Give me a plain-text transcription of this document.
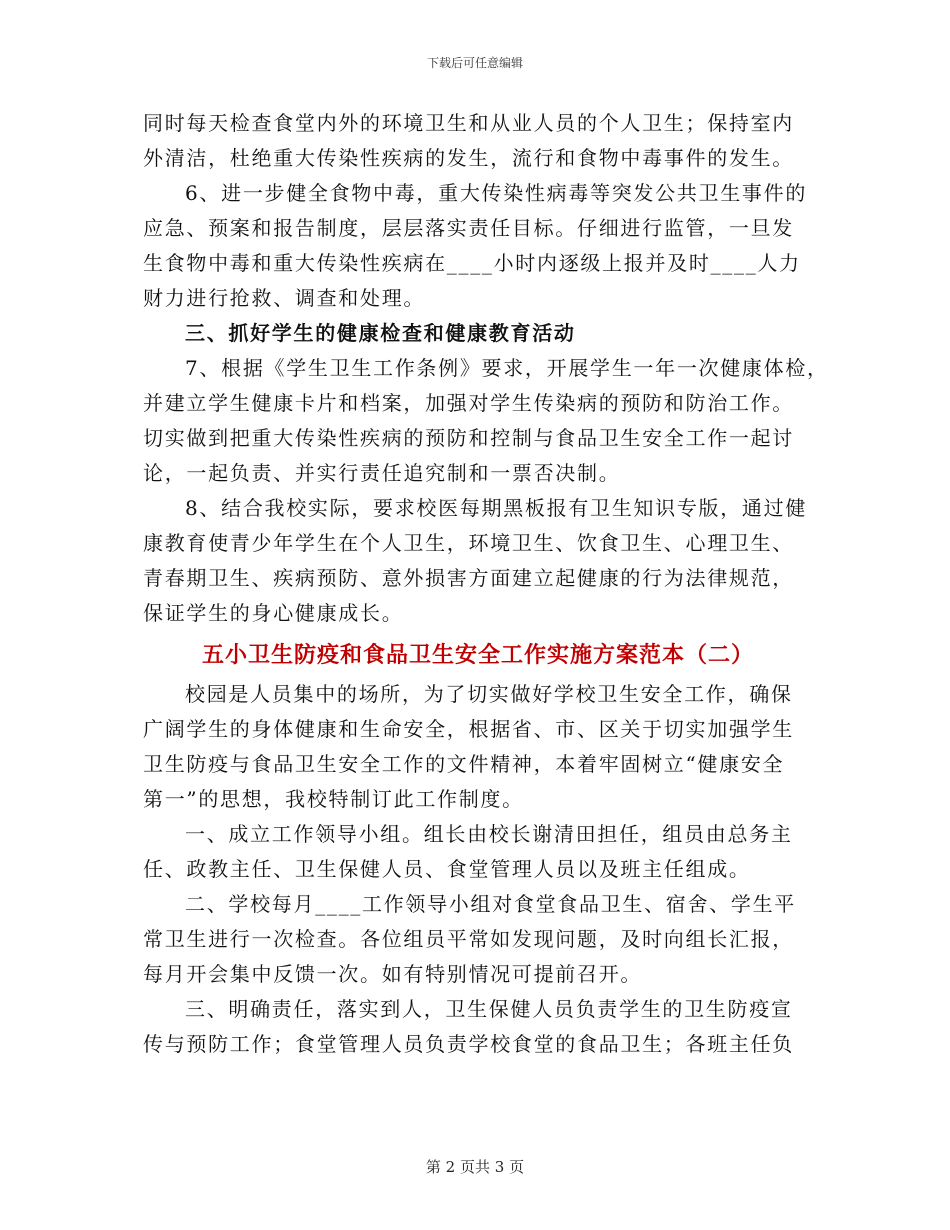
下载后可任意编辑
同时每天检查食堂内外的环境卫生和从业人员的个人卫生；保持室内
外清洁，杜绝重大传染性疾病的发生，流行和食物中毒事件的发生。
6、进一步健全食物中毒，重大传染性病毒等突发公共卫生事件的
应急、预案和报告制度，层层落实责任目标。仔细进行监管，一旦发
生食物中毒和重大传染性疾病在____小时内逐级上报并及时____人力
财力进行抢救、调查和处理。
三、抓好学生的健康检查和健康教育活动
7、根据《学生卫生工作条例》要求，开展学生一年一次健康体检，
并建立学生健康卡片和档案，加强对学生传染病的预防和防治工作。
切实做到把重大传染性疾病的预防和控制与食品卫生安全工作一起讨
论，一起负责、并实行责任追究制和一票否决制。
8、结合我校实际，要求校医每期黑板报有卫生知识专版，通过健
康教育使青少年学生在个人卫生，环境卫生、饮食卫生、心理卫生、
青春期卫生、疾病预防、意外损害方面建立起健康的行为法律规范，
保证学生的身心健康成长。
五小卫生防疫和食品卫生安全工作实施方案范本（二）
校园是人员集中的场所，为了切实做好学校卫生安全工作，确保
广阔学生的身体健康和生命安全，根据省、市、区关于切实加强学生
卫生防疫与食品卫生安全工作的文件精神，本着牢固树立“健康安全
第一”的思想，我校特制订此工作制度。
一、成立工作领导小组。组长由校长谢清田担任，组员由总务主
任、政教主任、卫生保健人员、食堂管理人员以及班主任组成。
二、学校每月____工作领导小组对食堂食品卫生、宿舍、学生平
常卫生进行一次检查。各位组员平常如发现问题，及时向组长汇报，
每月开会集中反馈一次。如有特别情况可提前召开。
三、明确责任，落实到人，卫生保健人员负责学生的卫生防疫宣
传与预防工作；食堂管理人员负责学校食堂的食品卫生；各班主任负
第 2 页共 3 页
